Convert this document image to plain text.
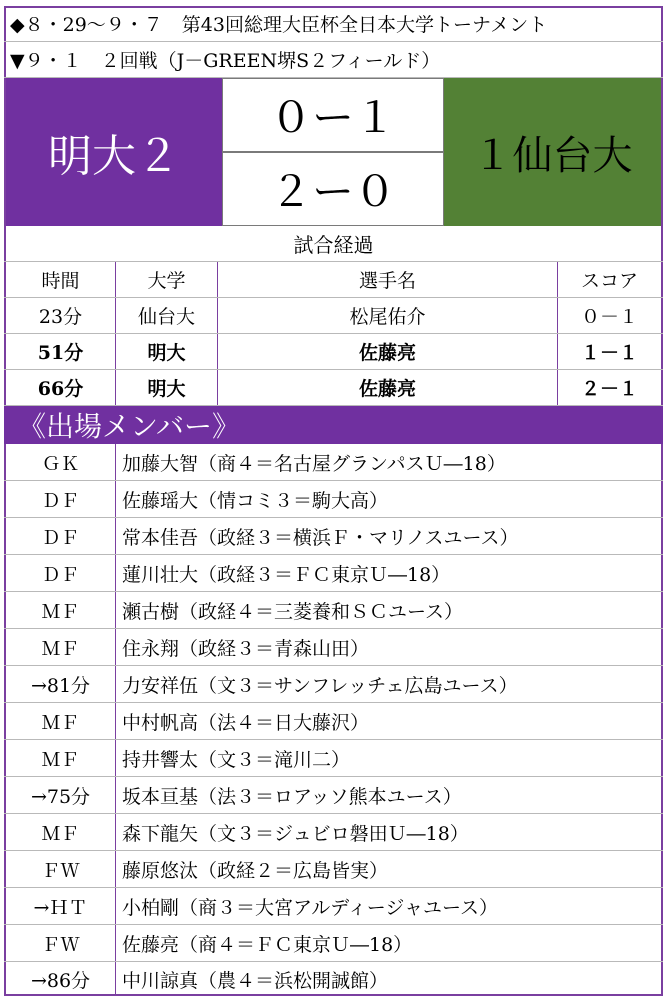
◆８・29～９・７　第43回総理大臣杯全日本大学トーナメント
▼９・１　２回戦（J－GREEN堺S２フィールド）
明大２
０ー１
２ー０
１仙台大
試合経過
時間	大学	選手名	スコア
23分	仙台大	松尾佑介	０－１
51分	明大	佐藤亮	１－１
66分	明大	佐藤亮	２－１
《出場メンバー》
ＧＫ	加藤大智（商４＝名古屋グランパスＵ―18）
ＤＦ	佐藤瑶大（情コミ３＝駒大高）
ＤＦ	常本佳吾（政経３＝横浜Ｆ・マリノスユース）
ＤＦ	蓮川壮大（政経３＝ＦＣ東京Ｕ―18）
ＭＦ	瀬古樹（政経４＝三菱養和ＳＣユース）
ＭＦ	住永翔（政経３＝青森山田）
→81分	力安祥伍（文３＝サンフレッチェ広島ユース）
ＭＦ	中村帆高（法４＝日大藤沢）
ＭＦ	持井響太（文３＝滝川二）
→75分	坂本亘基（法３＝ロアッソ熊本ユース）
ＭＦ	森下龍矢（文３＝ジュビロ磐田Ｕ―18）
ＦＷ	藤原悠汰（政経２＝広島皆実）
→ＨＴ	小柏剛（商３＝大宮アルディージャユース）
ＦＷ	佐藤亮（商４＝ＦＣ東京Ｕ―18）
→86分	中川諒真（農４＝浜松開誠館）
